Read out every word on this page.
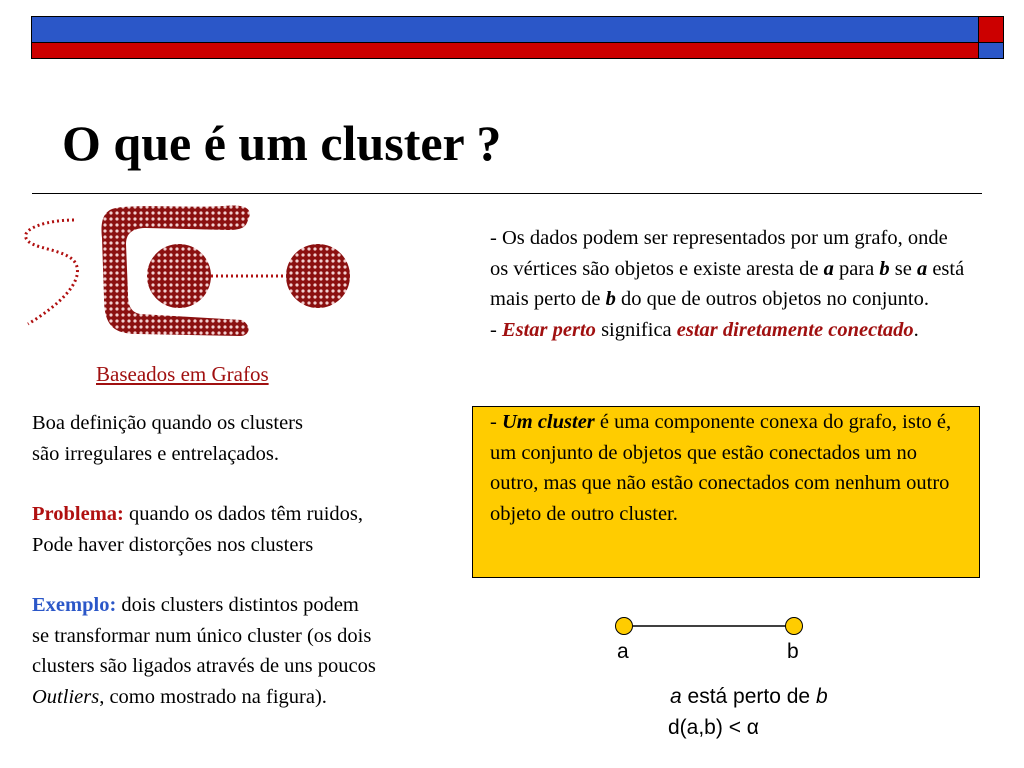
O que é um cluster ?
Baseados em Grafos

Boa definição quando os clusters

são irregulares e entrelaçados.

Problema: quando os dados têm ruidos,

Pode haver distorções nos clusters

Exemplo: dois clusters distintos podem

se transformar num único cluster (os dois

clusters são ligados através de uns poucos

Outliers, como mostrado na figura).

- Os dados podem ser representados por um grafo, onde os vértices são objetos e existe aresta de a para b se a está mais perto de b do que de outros objetos no conjunto.

- Estar perto significa estar diretamente conectado.

- Um cluster é uma componente conexa do grafo, isto é, um conjunto de objetos que estão conectados um no outro, mas que não estão conectados com nenhum outro objeto de outro cluster.

a	b
a está perto de b
d(a,b) < α
